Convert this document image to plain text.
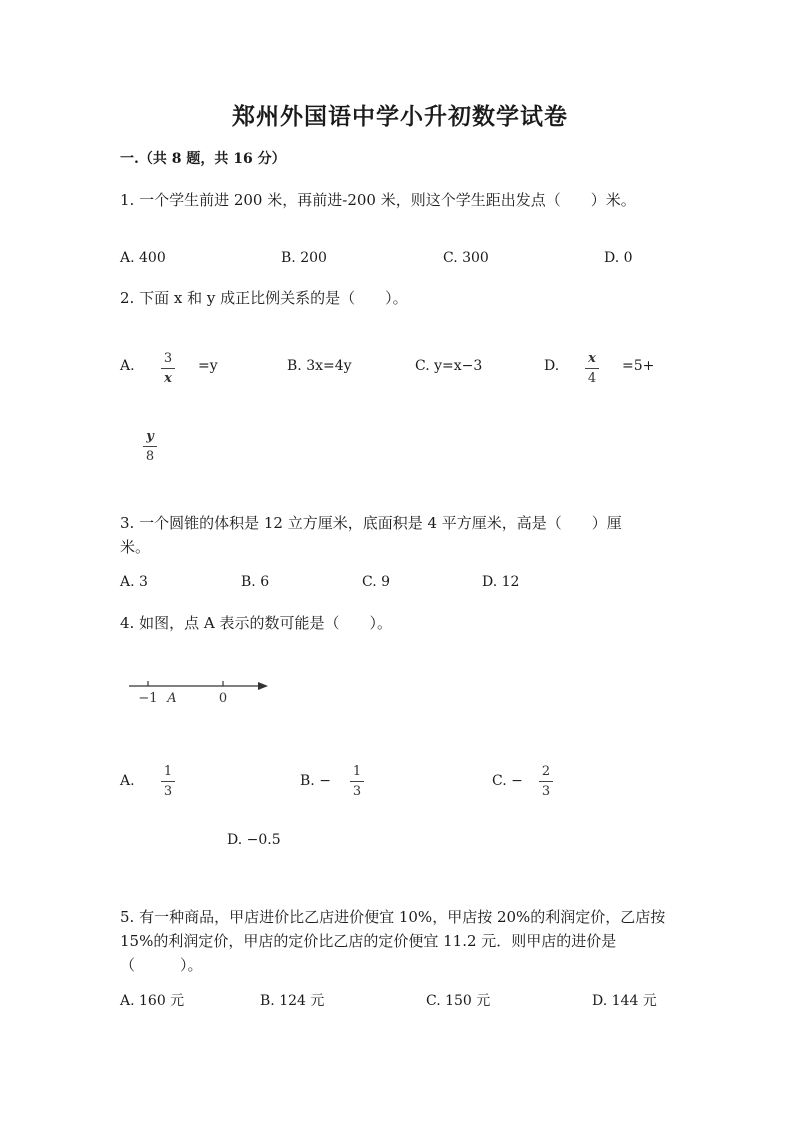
郑州外国语中学小升初数学试卷
一.（共 8 题，共 16 分）
1. 一个学生前进 200 米，再前进-200 米，则这个学生距出发点（　　）米。
A. 400	B. 200	C. 300	D. 0
2. 下面 x 和 y 成正比例关系的是（　　）。
A. 3
x
=y	B. 3x=4y	C. y=x−3	D. x
4
=5+
y
8
3. 一个圆锥的体积是 12 立方厘米，底面积是 4 平方厘米，高是（　　）厘
米。
A. 3	B. 6	C. 9	D. 12
4. 如图，点 A 表示的数可能是（　　）。
−1 A	0
A.
1
3
B. −
1
3
C. −
2
3
D. −0.5
5. 有一种商品，甲店进价比乙店进价便宜 10%，甲店按 20%的利润定价，乙店按
15%的利润定价，甲店的定价比乙店的定价便宜 11.2 元．则甲店的进价是
（　　　）。
A. 160 元	B. 124 元	C. 150 元	D. 144 元
